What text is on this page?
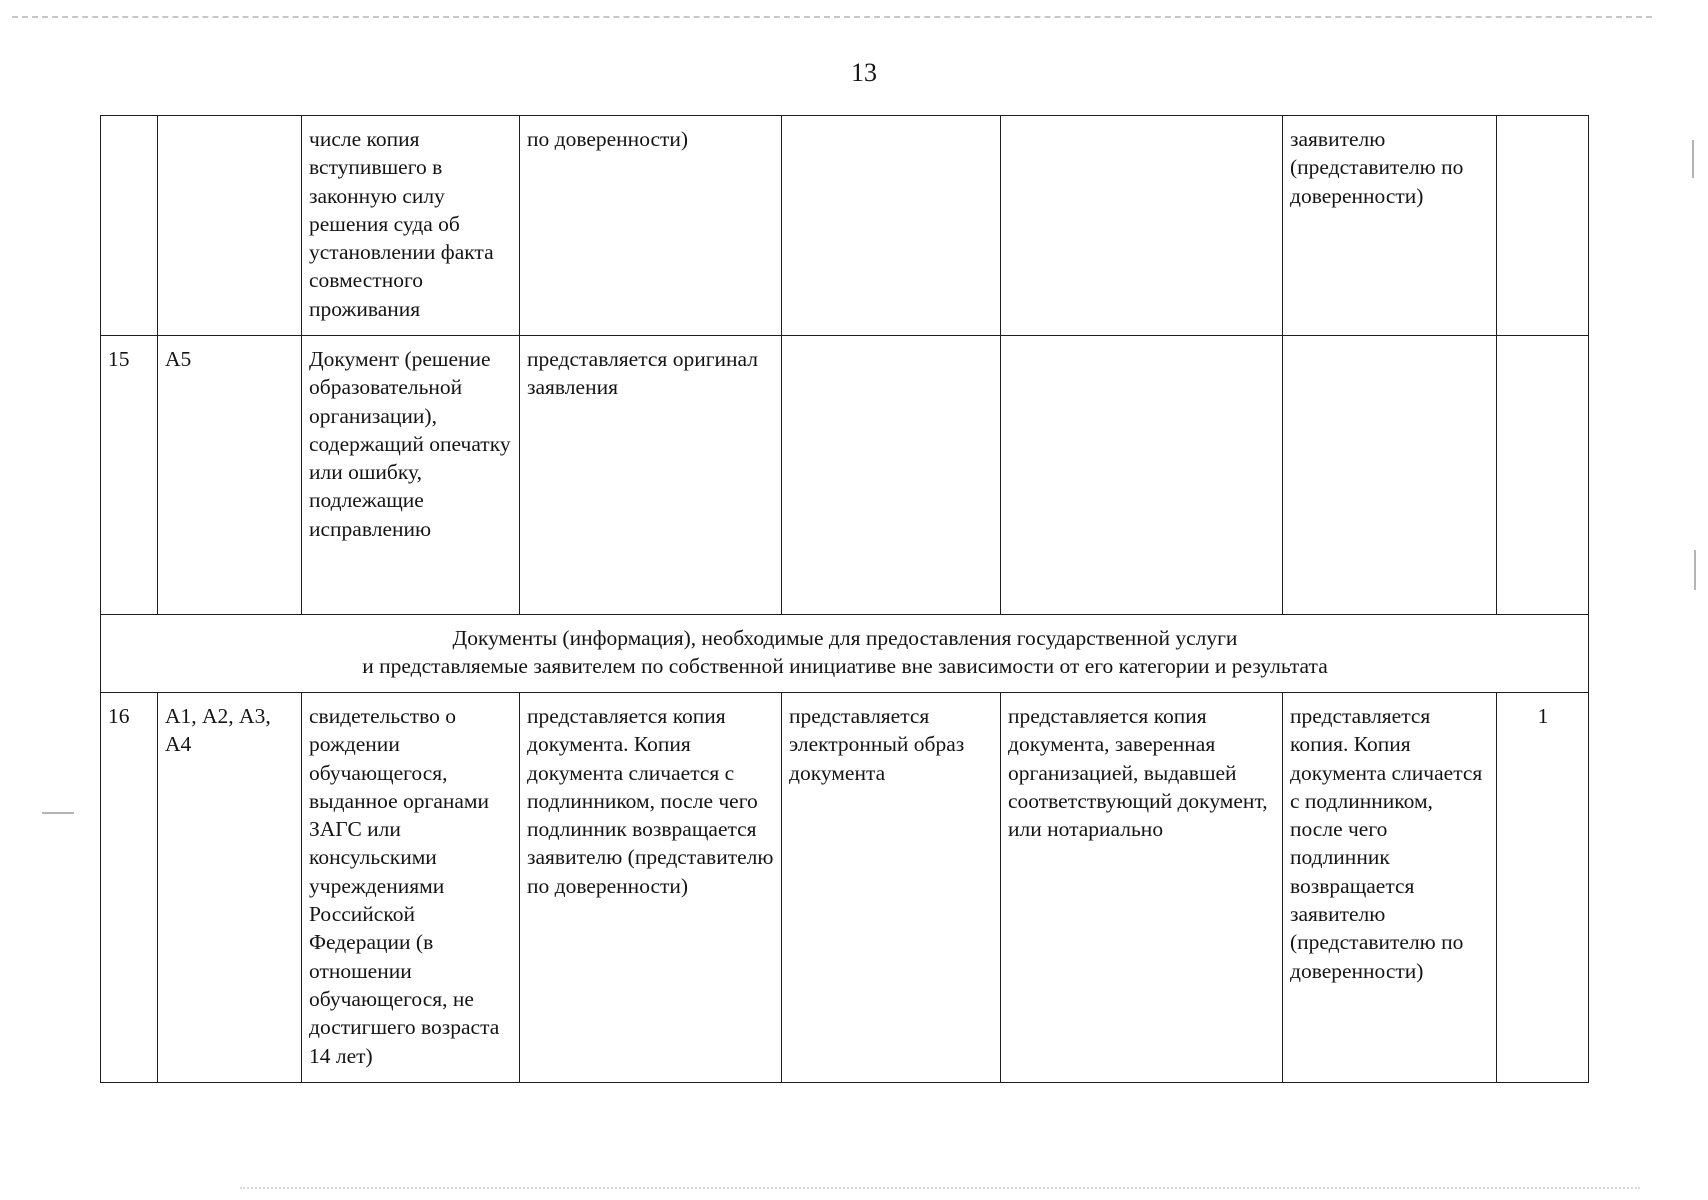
13
		числе копия вступившего в законную силу решения суда об установлении факта совместного проживания	по доверенности)			заявителю (представителю по доверенности)	
15	А5	Документ (решение образовательной организации), содержащий опечатку или ошибку, подлежащие исправлению	представляется оригинал заявления				

Документы (информация), необходимые для предоставления государственной услуги
и представляемые заявителем по собственной инициативе вне зависимости от его категории и результата							

16	А1, А2, А3, А4	свидетельство о рождении обучающегося, выданное органами ЗАГС или консульскими учреждениями Российской Федерации (в отношении обучающегося, не достигшего возраста 14 лет)	представляется копия документа. Копия документа сличается с подлинником, после чего подлинник возвращается заявителю (представителю по доверенности)	представляется электронный образ документа	представляется копия документа, заверенная организацией, выдавшей соответствующий документ, или нотариально	представляется копия. Копия документа сличается с подлинником, после чего подлинник возвращается заявителю (представителю по доверенности)	1
